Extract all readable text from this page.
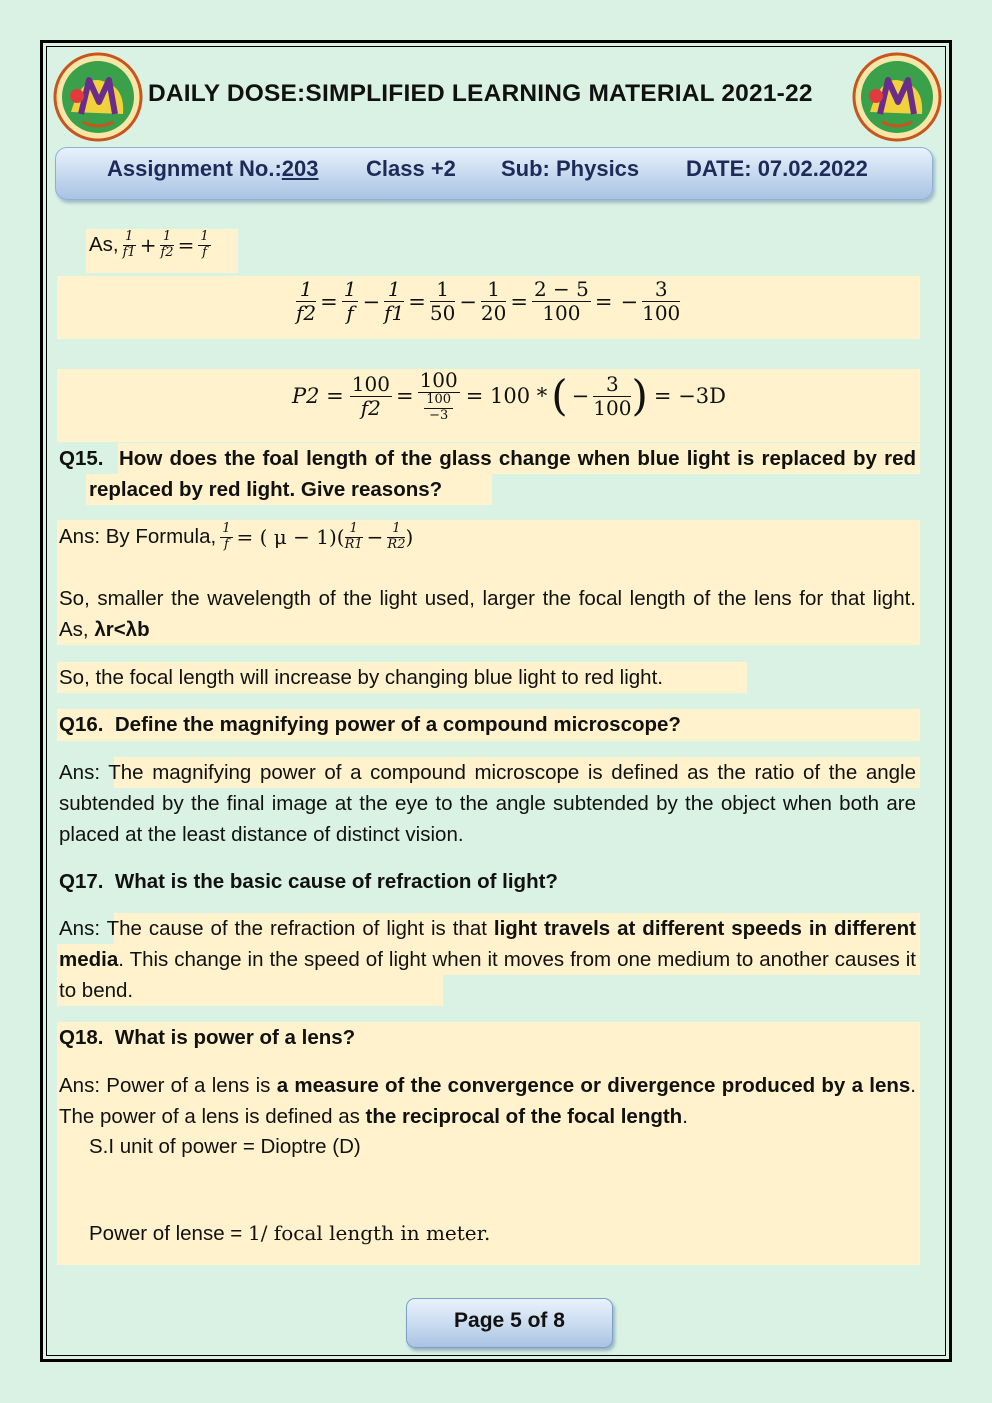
DAILY DOSE:SIMPLIFIED LEARNING MATERIAL 2021-22
Assignment No.:203 Class +2 Sub: Physics DATE: 07.02.2022
As, $\frac{1}{f1} + \frac{1}{f2} = \frac{1}{f}$
$\frac{1}{f2} = \frac{1}{f} - \frac{1}{f1} = \frac{1}{50} - \frac{1}{20} = \frac{2 - 5}{100}$ = − $\frac{3}{100}$
$P2 = \frac{100}{f2} = \frac{100}{\frac{100}{-3}} = 100$ * ( − $\frac{3}{100}$ ) = −3D
Q15. How does the foal length of the glass change when blue light is replaced by red
replaced by red light. Give reasons?
Ans: By Formula, $\frac{1}{f}$ = ( $\mu - 1)( \frac{1}{R1} - \frac{1}{R2}$ )
So, smaller the wavelength of the light used, larger the focal length of the lens for that light. As, λr<λb
So, the focal length will increase by changing blue light to red light.
Q16. Define the magnifying power of a compound microscope?
Ans: The magnifying power of a compound microscope is defined as the ratio of the angle subtended by the final image at the eye to the angle subtended by the object when both are placed at the least distance of distinct vision.
Q17. What is the basic cause of refraction of light?
Ans: The cause of the refraction of light is that light travels at different speeds in different media. This change in the speed of light when it moves from one medium to another causes it to bend.
Q18. What is power of a lens?
Ans: Power of a lens is a measure of the convergence or divergence produced by a lens. The power of a lens is defined as the reciprocal of the focal length.
S.I unit of power = Dioptre (D)
Power of lense = 1/ focal length in meter.
Page 5 of 8
